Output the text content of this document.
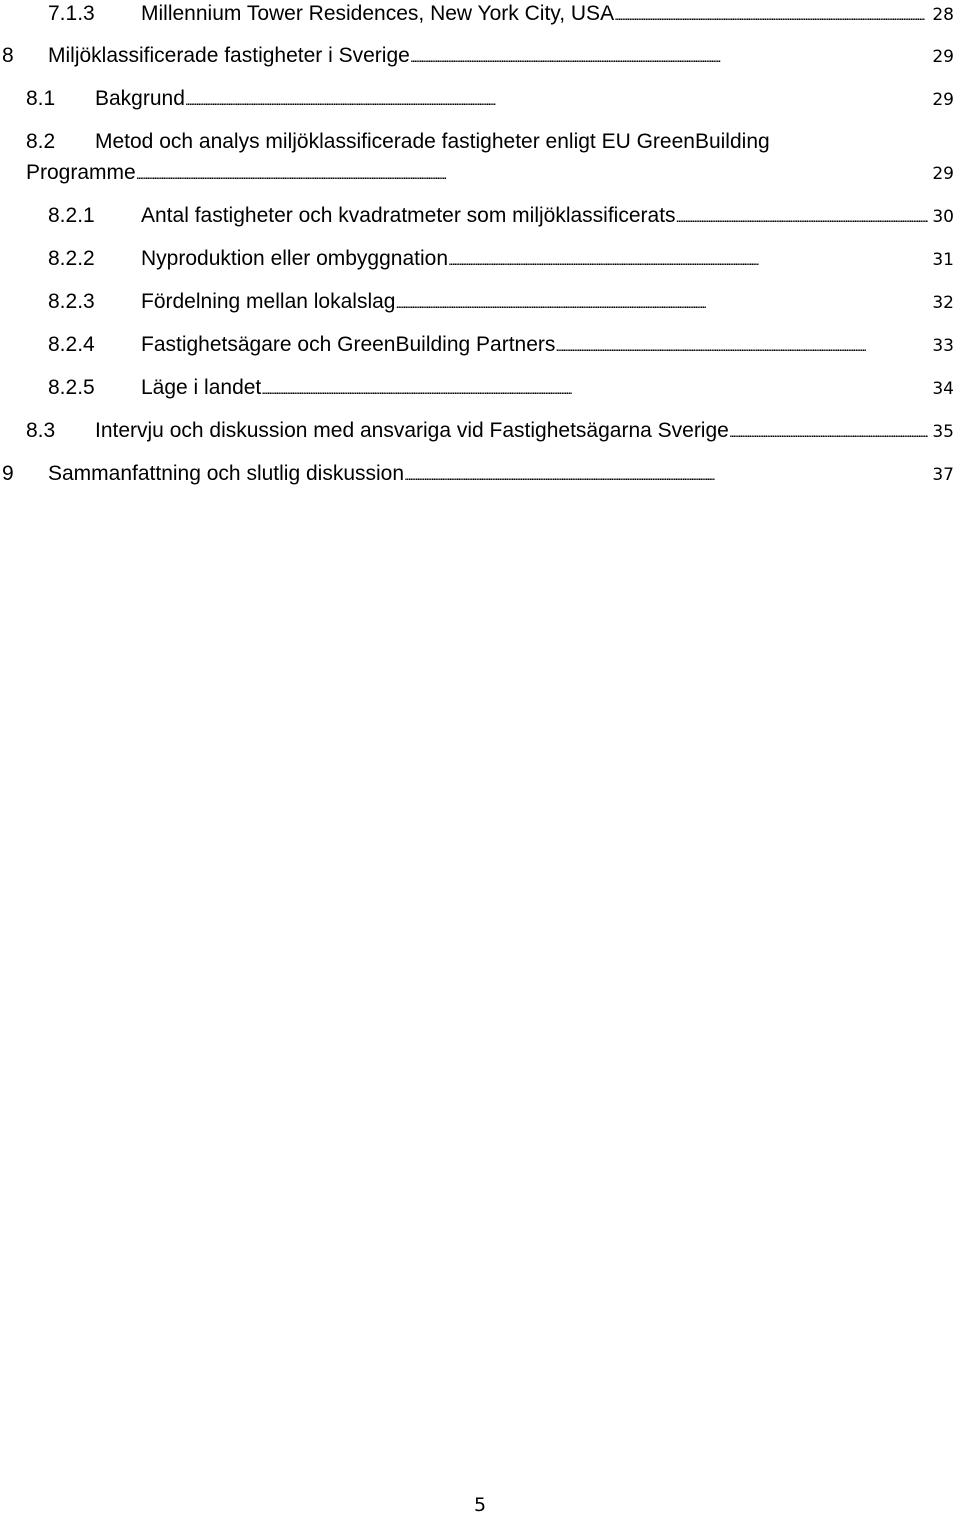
7.1.3 Millennium Tower Residences, New York City, USA . . .	28
8 Miljöklassificerade fastigheter i Sverige . . .	29
8.1 Bakgrund . . .	29
8.2 Metod och analys miljöklassificerade fastigheter enligt EU GreenBuilding
Programme . . .	29
8.2.1 Antal fastigheter och kvadratmeter som miljöklassificerats . . .	30
8.2.2 Nyproduktion eller ombyggnation . . .	31
8.2.3 Fördelning mellan lokalslag . . .	32
8.2.4 Fastighetsägare och GreenBuilding Partners . . .	33
8.2.5 Läge i landet . . .	34
8.3 Intervju och diskussion med ansvariga vid Fastighetsägarna Sverige . . .	35
9 Sammanfattning och slutlig diskussion . . .	37
5
